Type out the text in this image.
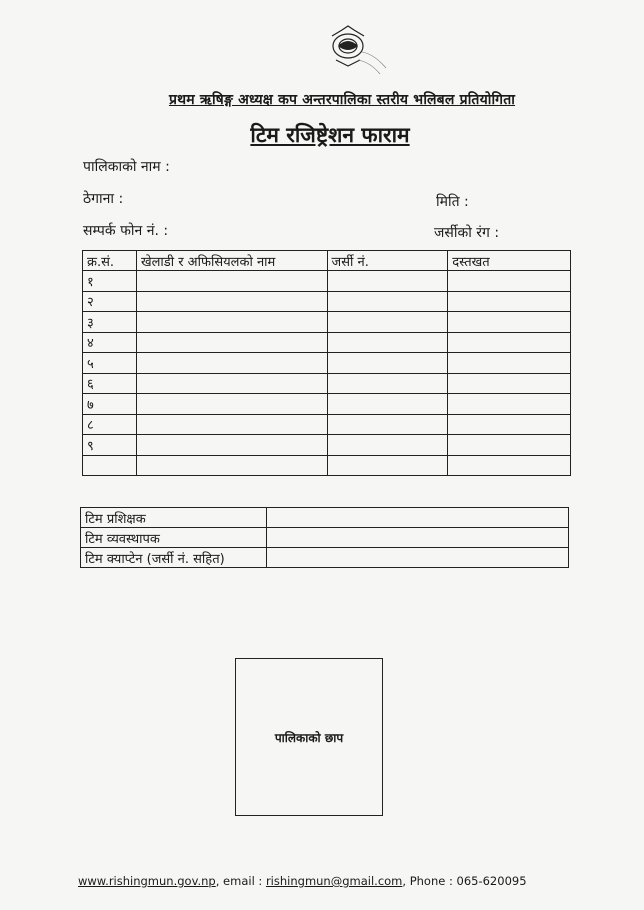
प्रथम ऋषिङ्ग अध्यक्ष कप अन्तरपालिका स्तरीय भलिबल प्रतियोगिता
टिम रजिष्ट्रेशन फाराम
पालिकाको नाम :
ठेगाना :	मिति :
सम्पर्क फोन नं. :	जर्सीको रंग :
क्र.सं.	खेलाडी र अफिसियलको नाम	जर्सी नं.	दस्तखत
१			
२			
३			
४			
५			
६			
७			
८			
९			

टिम प्रशिक्षक	
टिम व्यवस्थापक	
टिम क्याप्टेन (जर्सी नं. सहित)	
पालिकाको छाप
www.rishingmun.gov.np, email : rishingmun@gmail.com, Phone : 065-620095
